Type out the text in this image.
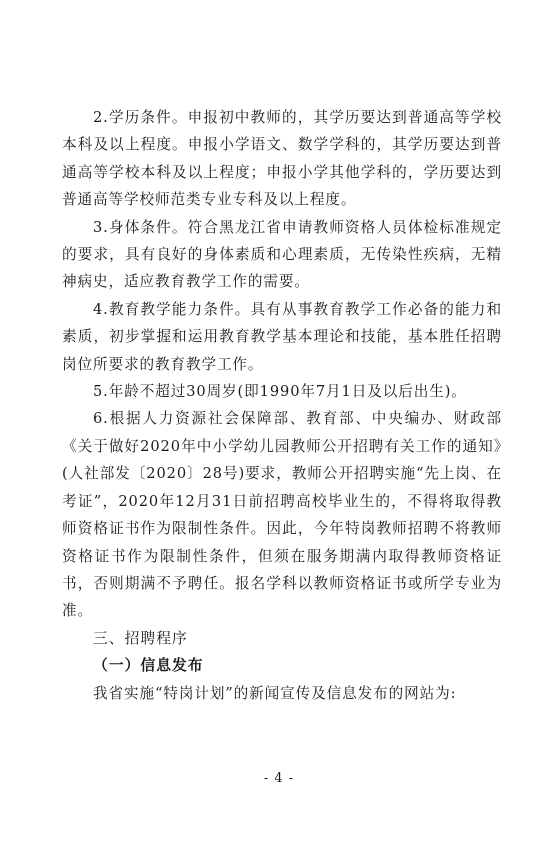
2.学历条件。申报初中教师的，其学历要达到普通高等学校本科及以上程度。申报小学语文、数学学科的，其学历要达到普通高等学校本科及以上程度；申报小学其他学科的，学历要达到普通高等学校师范类专业专科及以上程度。

3.身体条件。符合黑龙江省申请教师资格人员体检标准规定的要求，具有良好的身体素质和心理素质，无传染性疾病，无精神病史，适应教育教学工作的需要。

4.教育教学能力条件。具有从事教育教学工作必备的能力和素质，初步掌握和运用教育教学基本理论和技能，基本胜任招聘岗位所要求的教育教学工作。

5.年龄不超过30周岁(即1990年7月1日及以后出生)。

6.根据人力资源社会保障部、教育部、中央编办、财政部《关于做好2020年中小学幼儿园教师公开招聘有关工作的通知》(人社部发〔2020〕28号)要求，教师公开招聘实施“先上岗、在考证”，2020年12月31日前招聘高校毕业生的，不得将取得教师资格证书作为限制性条件。因此，今年特岗教师招聘不将教师资格证书作为限制性条件，但须在服务期满内取得教师资格证书，否则期满不予聘任。报名学科以教师资格证书或所学专业为准。

三、招聘程序

（一）信息发布

我省实施“特岗计划”的新闻宣传及信息发布的网站为:

- 4 -
